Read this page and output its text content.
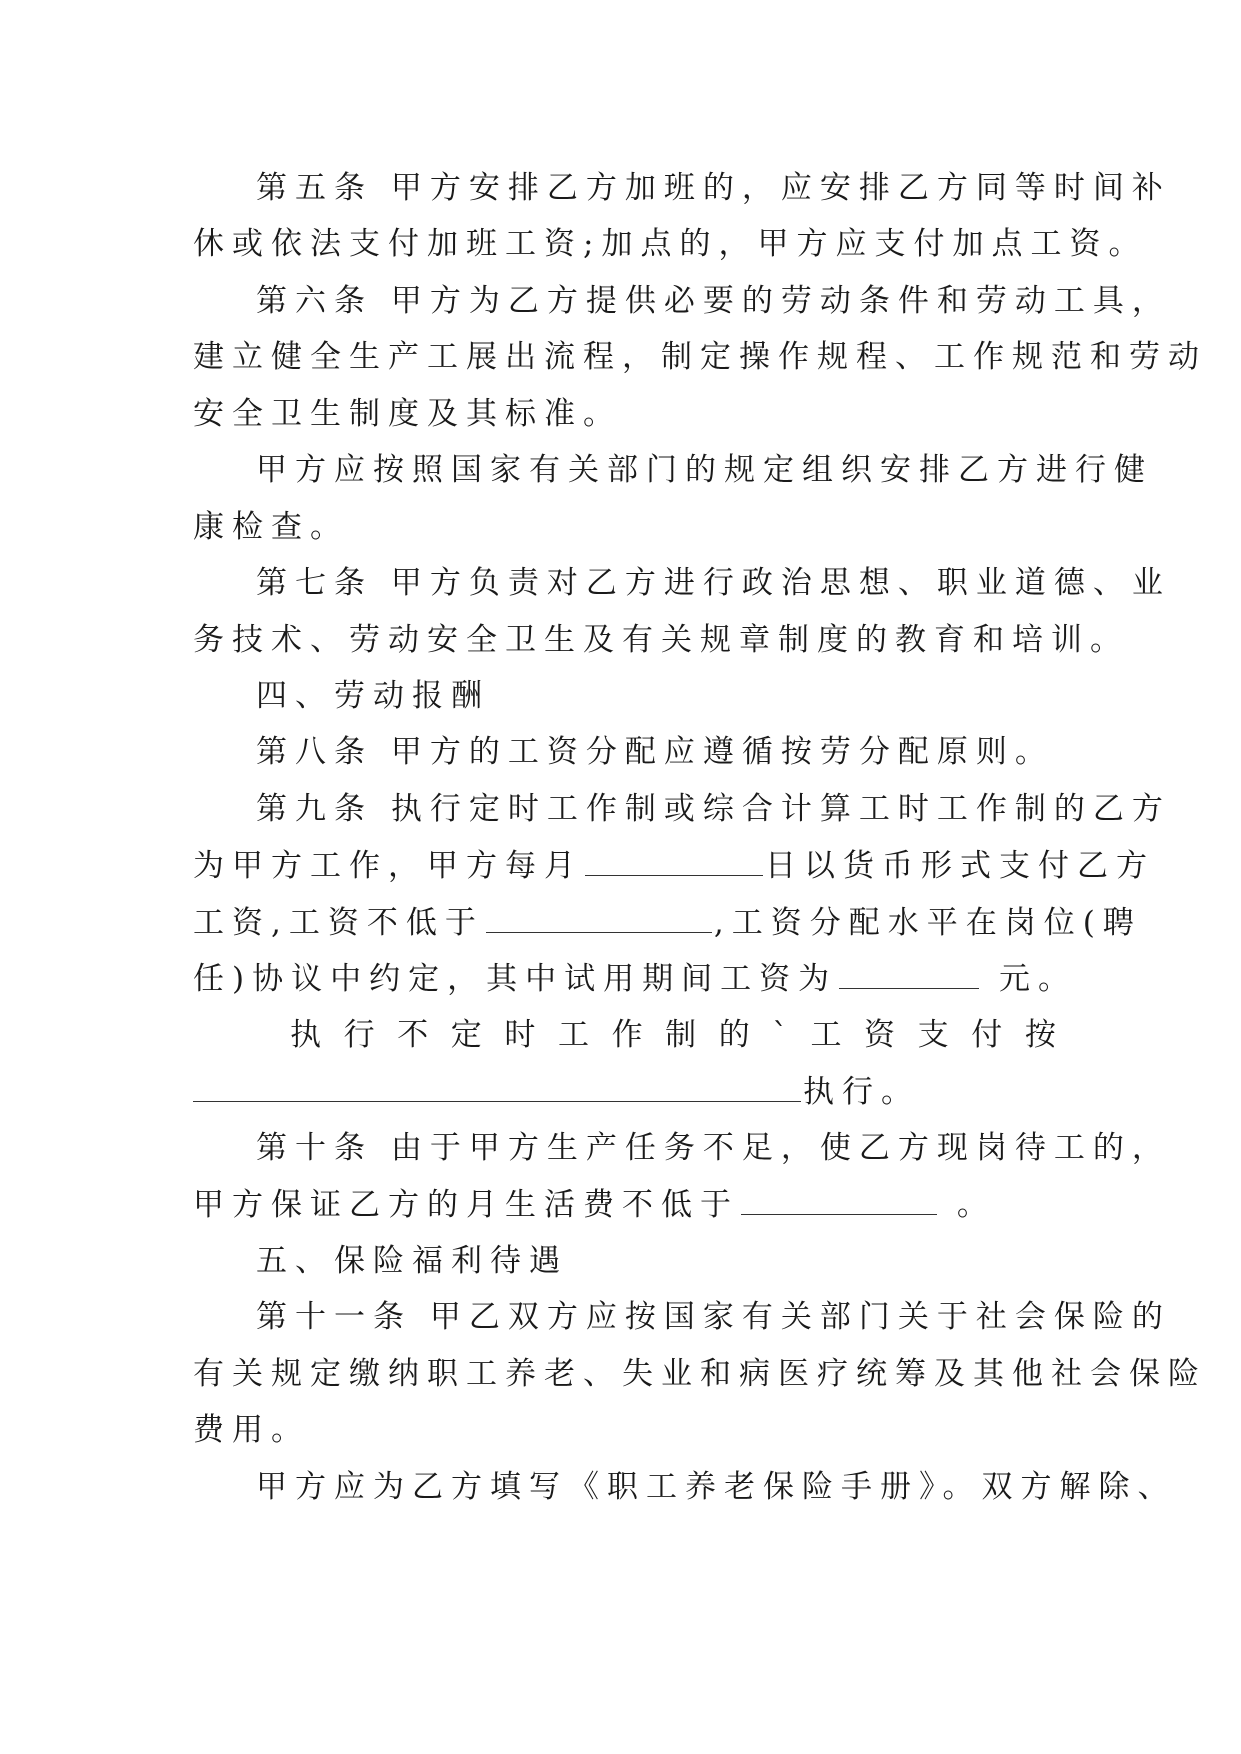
第五条 甲方安排乙方加班的，应安排乙方同等时间补
休或依法支付加班工资;加点的，甲方应支付加点工资。
第六条 甲方为乙方提供必要的劳动条件和劳动工具，
建立健全生产工展出流程，制定操作规程、工作规范和劳动
安全卫生制度及其标准。
甲方应按照国家有关部门的规定组织安排乙方进行健
康检查。
第七条 甲方负责对乙方进行政治思想、职业道德、业
务技术、劳动安全卫生及有关规章制度的教育和培训。
四、劳动报酬
第八条 甲方的工资分配应遵循按劳分配原则。
第九条 执行定时工作制或综合计算工时工作制的乙方
为甲方工作，甲方每月	日以货币形式支付乙方
工资,工资不低于	,工资分配水平在岗位(聘
任)协议中约定，其中试用期间工资为	元。
执 行 不 定 时 工 作 制 的 ` 工 资 支 付 按
执行。
第十条 由于甲方生产任务不足，使乙方现岗待工的，
甲方保证乙方的月生活费不低于	。
五、保险福利待遇
第十一条 甲乙双方应按国家有关部门关于社会保险的
有关规定缴纳职工养老、失业和病医疗统筹及其他社会保险
费用。
甲方应为乙方填写《职工养老保险手册》。双方解除、
